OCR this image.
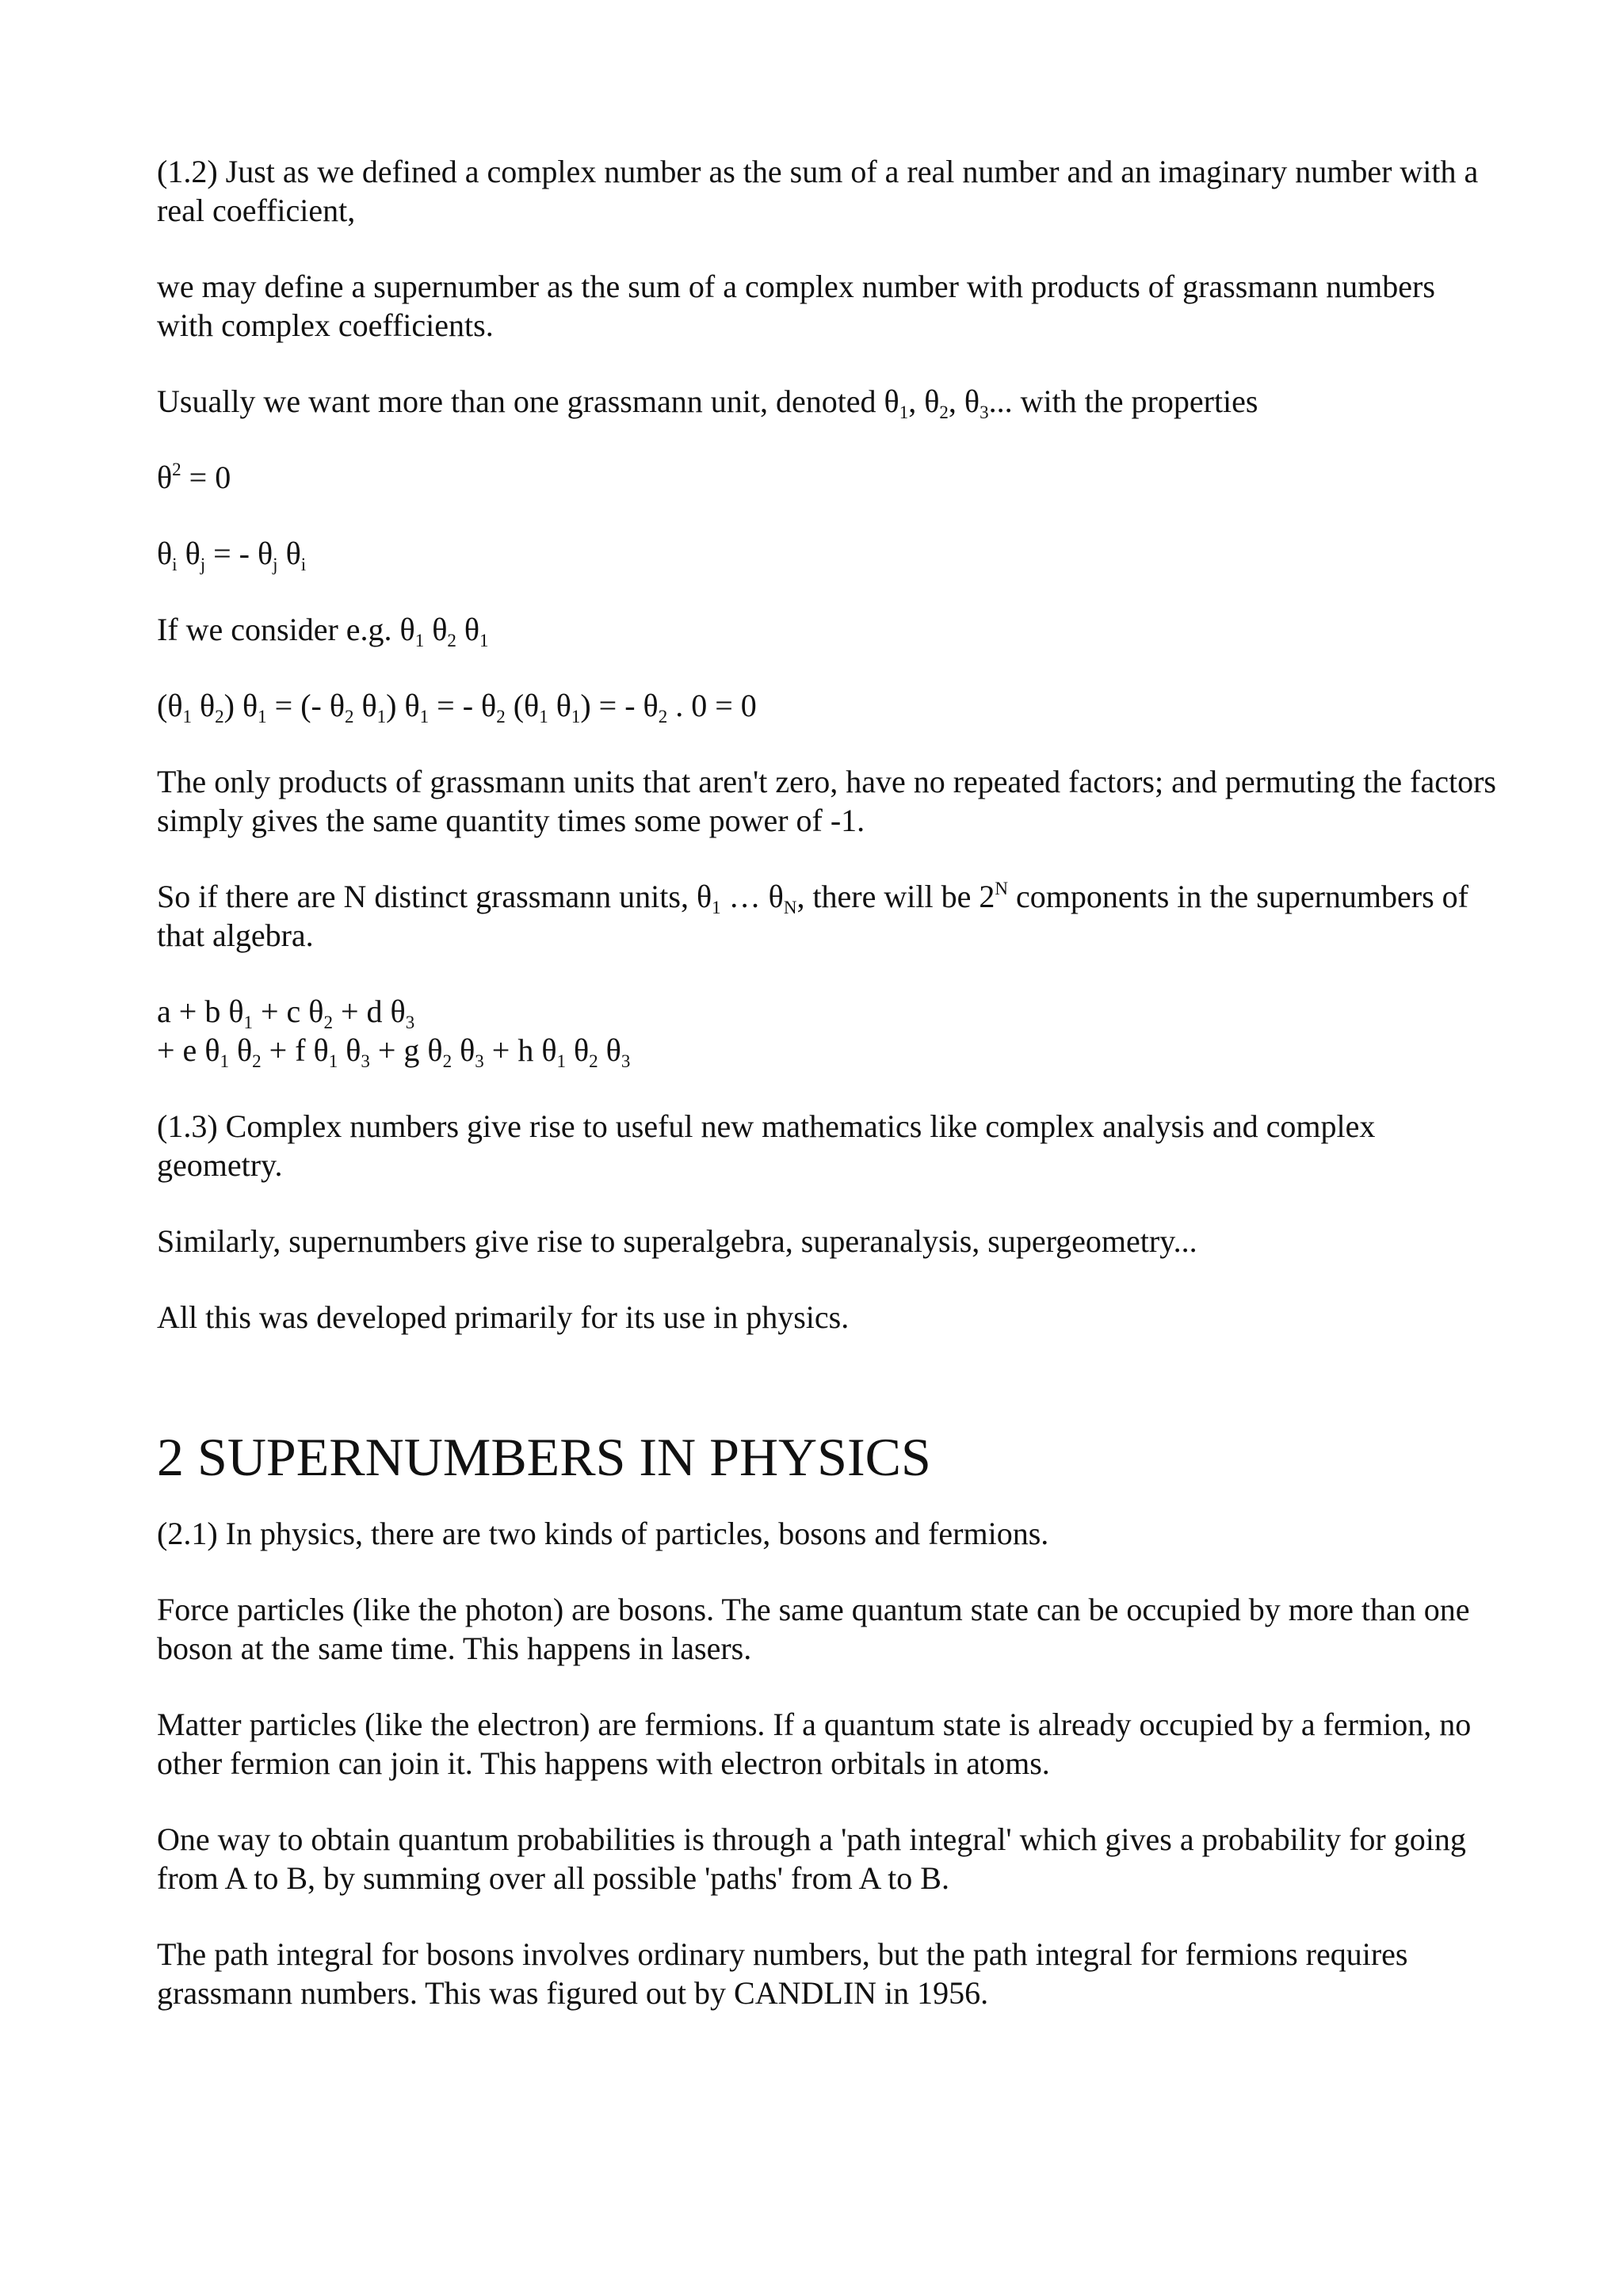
(1.2) Just as we defined a complex number as the sum of a real number and an imaginary number with a real coefficient,

we may define a supernumber as the sum of a complex number with products of grassmann numbers with complex coefficients.

Usually we want more than one grassmann unit, denoted $\theta_1$, $\theta_2$, $\theta_3$... with the properties

$\theta^2 = 0$

$\theta_i$ $\theta_j$ = - $\theta_j$ $\theta_i$

If we consider e.g. $\theta_1$ $\theta_2$ $\theta_1$

($\theta_1$ $\theta_2$) $\theta_1$ = (- $\theta_2$ $\theta_1$) $\theta_1$ = - $\theta_2$ ($\theta_1$ $\theta_1$) = - $\theta_2$ . 0 = 0

The only products of grassmann units that aren't zero, have no repeated factors; and permuting the factors simply gives the same quantity times some power of -1.

So if there are N distinct grassmann units, $\theta_1$ … $\theta_N$, there will be $2^N$ components in the supernumbers of that algebra.

a + b $\theta_1 + c$ $\theta_2 + d$ $\theta_3$

+ e $\theta_1$ $\theta_2 + f$ $\theta_1$ $\theta_3 + g$ $\theta_2$ $\theta_3 + h$ $\theta_1$ $\theta_2$ $\theta_3$

(1.3) Complex numbers give rise to useful new mathematics like complex analysis and complex geometry.

Similarly, supernumbers give rise to superalgebra, superanalysis, supergeometry...

All this was developed primarily for its use in physics.

2 SUPERNUMBERS IN PHYSICS

(2.1) In physics, there are two kinds of particles, bosons and fermions.

Force particles (like the photon) are bosons. The same quantum state can be occupied by more than one boson at the same time. This happens in lasers.

Matter particles (like the electron) are fermions. If a quantum state is already occupied by a fermion, no other fermion can join it. This happens with electron orbitals in atoms.

One way to obtain quantum probabilities is through a 'path integral' which gives a probability for going from A to B, by summing over all possible 'paths' from A to B.

The path integral for bosons involves ordinary numbers, but the path integral for fermions requires grassmann numbers. This was figured out by CANDLIN in 1956.
